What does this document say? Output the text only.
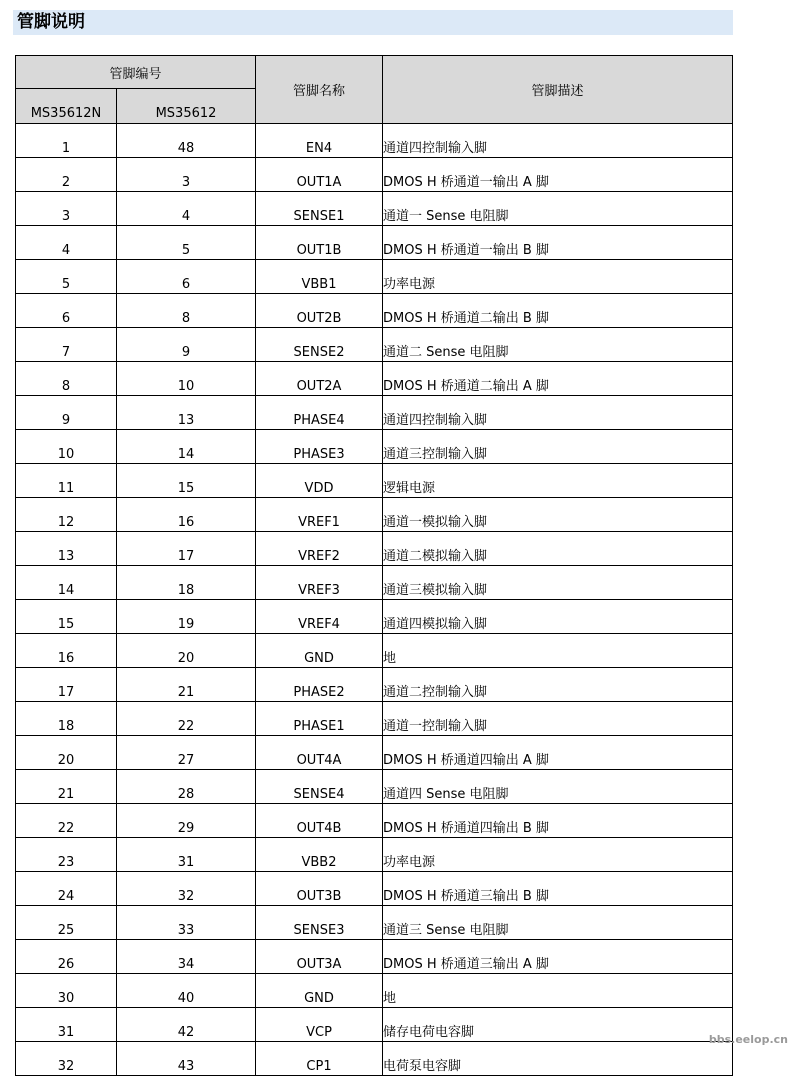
管脚说明
管脚编号		管脚名称	管脚描述
MS35612N	MS35612		
1	48	EN4	通道四控制输入脚
2	3	OUT1A	DMOS H 桥通道一输出 A 脚
3	4	SENSE1	通道一 Sense 电阻脚
4	5	OUT1B	DMOS H 桥通道一输出 B 脚
5	6	VBB1	功率电源
6	8	OUT2B	DMOS H 桥通道二输出 B 脚
7	9	SENSE2	通道二 Sense 电阻脚
8	10	OUT2A	DMOS H 桥通道二输出 A 脚
9	13	PHASE4	通道四控制输入脚
10	14	PHASE3	通道三控制输入脚
11	15	VDD	逻辑电源
12	16	VREF1	通道一模拟输入脚
13	17	VREF2	通道二模拟输入脚
14	18	VREF3	通道三模拟输入脚
15	19	VREF4	通道四模拟输入脚
16	20	GND	地
17	21	PHASE2	通道二控制输入脚
18	22	PHASE1	通道一控制输入脚
20	27	OUT4A	DMOS H 桥通道四输出 A 脚
21	28	SENSE4	通道四 Sense 电阻脚
22	29	OUT4B	DMOS H 桥通道四输出 B 脚
23	31	VBB2	功率电源
24	32	OUT3B	DMOS H 桥通道三输出 B 脚
25	33	SENSE3	通道三 Sense 电阻脚
26	34	OUT3A	DMOS H 桥通道三输出 A 脚
30	40	GND	地
31	42	VCP	储存电荷电容脚
32	43	CP1	电荷泵电容脚
bbs.eelop.cn
